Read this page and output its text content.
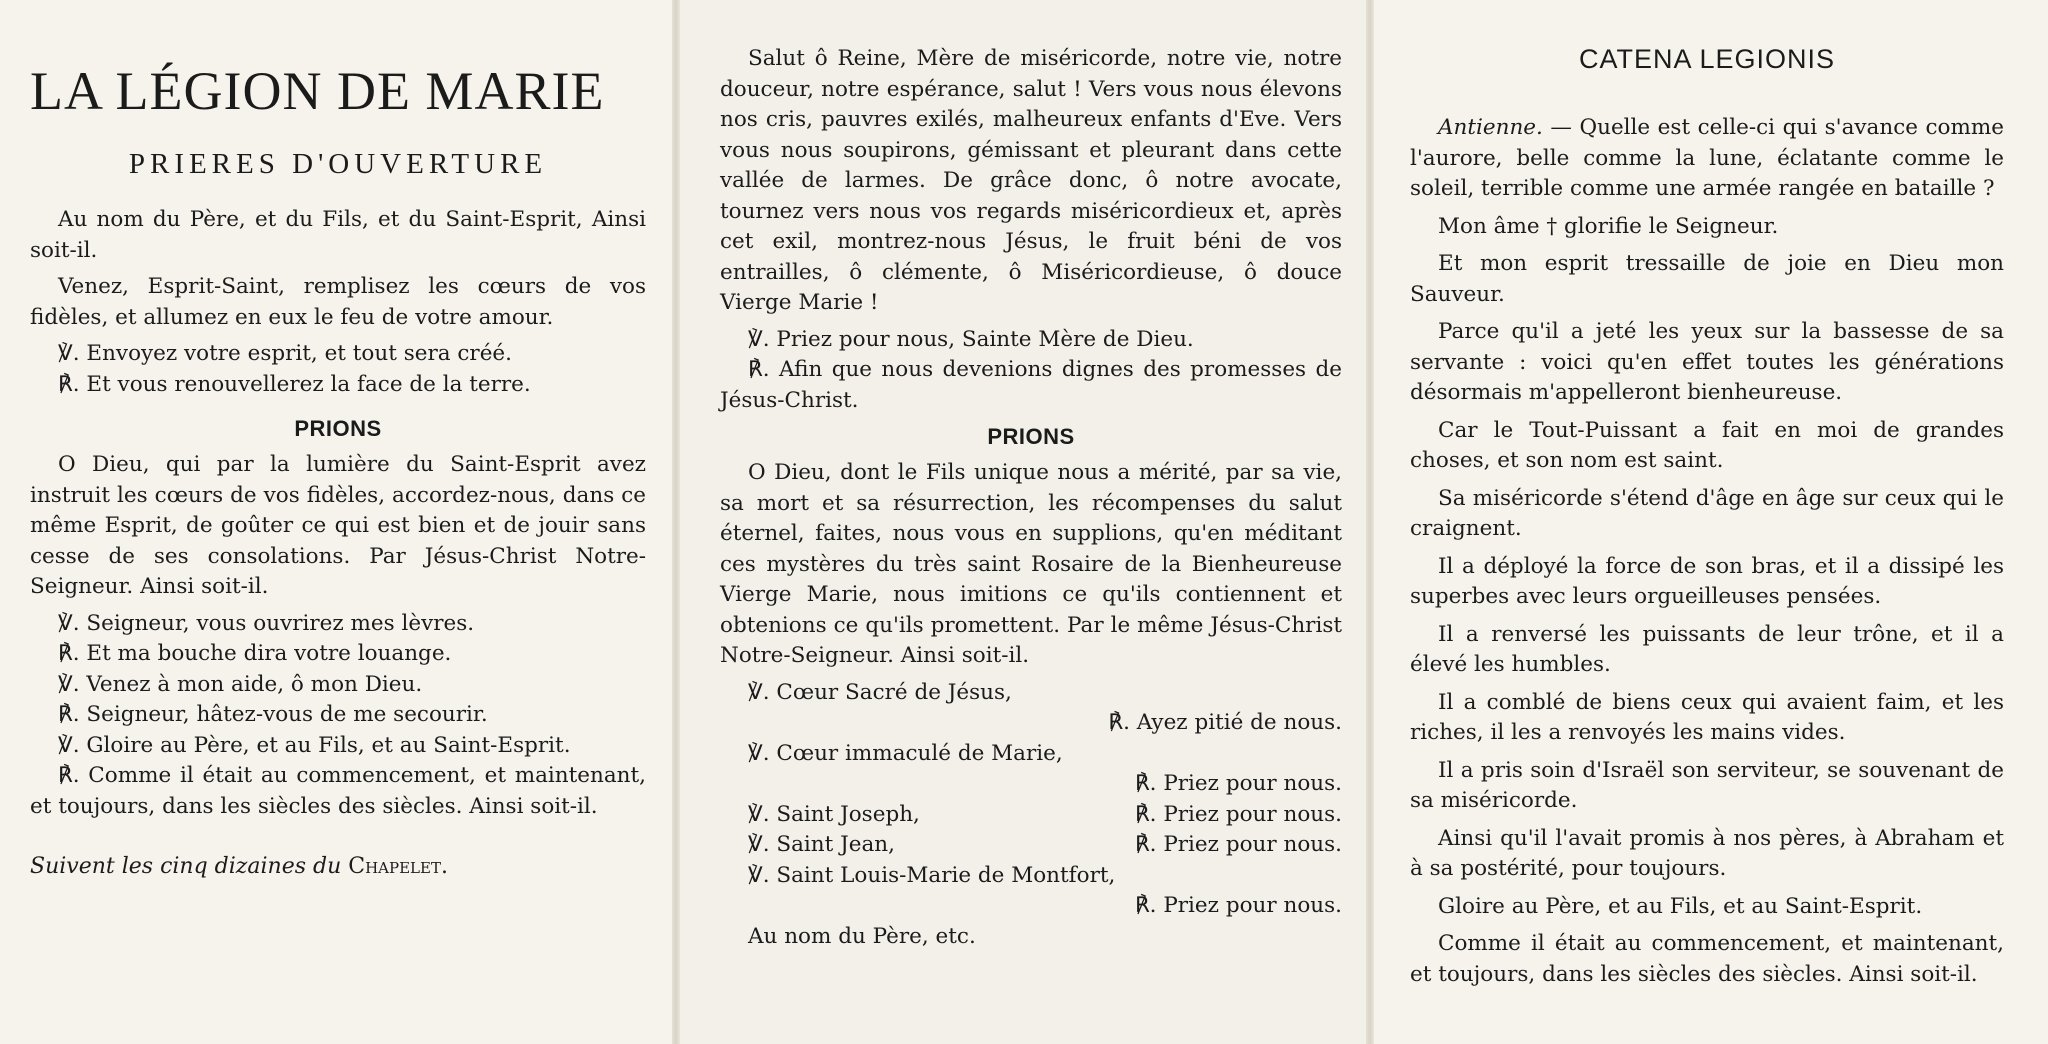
LA LÉGION DE MARIE
PRIERES D'OUVERTURE

Au nom du Père, et du Fils, et du Saint-Esprit, Ainsi soit-il.

Venez, Esprit-Saint, remplisez les cœurs de vos fidèles, et allumez en eux le feu de votre amour.

℣. Envoyez votre esprit, et tout sera créé.
℟. Et vous renouvellerez la face de la terre.
PRIONS

O Dieu, qui par la lumière du Saint-Esprit avez instruit les cœurs de vos fidèles, accordez-nous, dans ce même Esprit, de goûter ce qui est bien et de jouir sans cesse de ses consolations. Par Jésus-Christ Notre-Seigneur. Ainsi soit-il.

℣. Seigneur, vous ouvrirez mes lèvres.
℟. Et ma bouche dira votre louange.
℣. Venez à mon aide, ô mon Dieu.
℟. Seigneur, hâtez-vous de me secourir.

℣. Gloire au Père, et au Fils, et au Saint-Esprit.

℟. Comme il était au commencement, et maintenant, et toujours, dans les siècles des siècles. Ainsi soit-il.

Suivent les cinq dizaines du Chapelet.

Salut ô Reine, Mère de miséricorde, notre vie, notre douceur, notre espérance, salut ! Vers vous nous élevons nos cris, pauvres exilés, malheureux enfants d'Eve. Vers vous nous soupirons, gémissant et pleurant dans cette vallée de larmes. De grâce donc, ô notre avocate, tournez vers nous vos regards miséricordieux et, après cet exil, montrez-nous Jésus, le fruit béni de vos entrailles, ô clémente, ô Miséricordieuse, ô douce Vierge Marie !

℣. Priez pour nous, Sainte Mère de Dieu.

℟. Afin que nous devenions dignes des promesses de Jésus-Christ.

PRIONS

O Dieu, dont le Fils unique nous a mérité, par sa vie, sa mort et sa résurrection, les récompenses du salut éternel, faites, nous vous en supplions, qu'en méditant ces mystères du très saint Rosaire de la Bienheureuse Vierge Marie, nous imitions ce qu'ils contiennent et obtenions ce qu'ils promettent. Par le même Jésus-Christ Notre-Seigneur. Ainsi soit-il.

℣. Cœur Sacré de Jésus,
℟. Ayez pitié de nous.
℣. Cœur immaculé de Marie,
℟. Priez pour nous.
℣. Saint Joseph,	℟. Priez pour nous.
℣. Saint Jean,	℟. Priez pour nous.
℣. Saint Louis-Marie de Montfort,
℟. Priez pour nous.
Au nom du Père, etc.
CATENA LEGIONIS

Antienne. — Quelle est celle-ci qui s'avance comme l'aurore, belle comme la lune, éclatante comme le soleil, terrible comme une armée rangée en bataille ?

Mon âme † glorifie le Seigneur.

Et mon esprit tressaille de joie en Dieu mon Sauveur.

Parce qu'il a jeté les yeux sur la bassesse de sa servante : voici qu'en effet toutes les générations désormais m'appelleront bienheureuse.

Car le Tout-Puissant a fait en moi de grandes choses, et son nom est saint.

Sa miséricorde s'étend d'âge en âge sur ceux qui le craignent.

Il a déployé la force de son bras, et il a dissipé les superbes avec leurs orgueilleuses pensées.

Il a renversé les puissants de leur trône, et il a élevé les humbles.

Il a comblé de biens ceux qui avaient faim, et les riches, il les a renvoyés les mains vides.

Il a pris soin d'Israël son serviteur, se souvenant de sa miséricorde.

Ainsi qu'il l'avait promis à nos pères, à Abraham et à sa postérité, pour toujours.

Gloire au Père, et au Fils, et au Saint-Esprit.

Comme il était au commencement, et maintenant, et toujours, dans les siècles des siècles. Ainsi soit-il.
